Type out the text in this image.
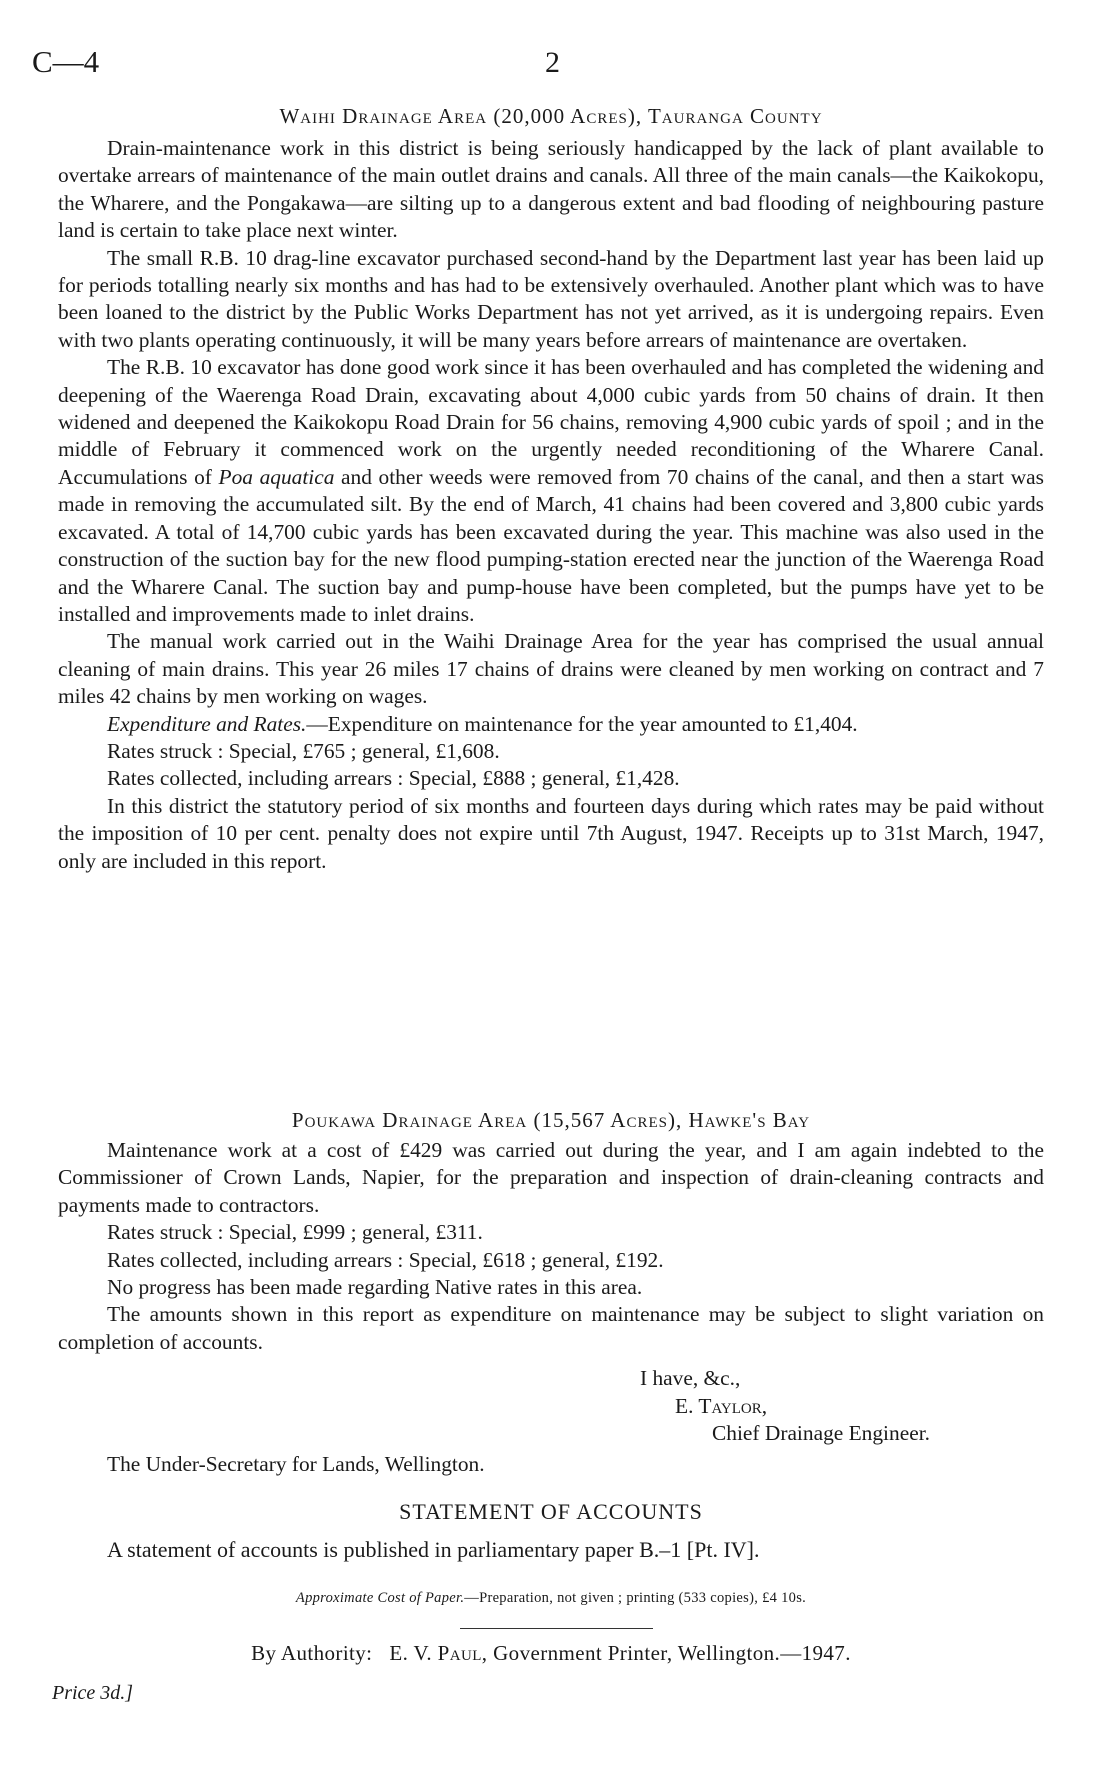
C—4	2
Waihi Drainage Area (20,000 Acres), Tauranga County

Drain-maintenance work in this district is being seriously handicapped by the lack of plant available to overtake arrears of maintenance of the main outlet drains and canals. All three of the main canals—the Kaikokopu, the Wharere, and the Pongakawa—are silting up to a dangerous extent and bad flooding of neighbouring pasture land is certain to take place next winter.

The small R.B. 10 drag-line excavator purchased second-hand by the Department last year has been laid up for periods totalling nearly six months and has had to be extensively overhauled. Another plant which was to have been loaned to the district by the Public Works Department has not yet arrived, as it is undergoing repairs. Even with two plants operating continuously, it will be many years before arrears of maintenance are overtaken.

The R.B. 10 excavator has done good work since it has been overhauled and has completed the widening and deepening of the Waerenga Road Drain, excavating about 4,000 cubic yards from 50 chains of drain. It then widened and deepened the Kaikokopu Road Drain for 56 chains, removing 4,900 cubic yards of spoil ; and in the middle of February it commenced work on the urgently needed reconditioning of the Wharere Canal. Accumulations of Poa aquatica and other weeds were removed from 70 chains of the canal, and then a start was made in removing the accumulated silt. By the end of March, 41 chains had been covered and 3,800 cubic yards excavated. A total of 14,700 cubic yards has been excavated during the year. This machine was also used in the construction of the suction bay for the new flood pumping-station erected near the junction of the Waerenga Road and the Wharere Canal. The suction bay and pump-house have been completed, but the pumps have yet to be installed and improvements made to inlet drains.

The manual work carried out in the Waihi Drainage Area for the year has comprised the usual annual cleaning of main drains. This year 26 miles 17 chains of drains were cleaned by men working on contract and 7 miles 42 chains by men working on wages.

Expenditure and Rates.—Expenditure on maintenance for the year amounted to £1,404.

Rates struck : Special, £765 ; general, £1,608.

Rates collected, including arrears : Special, £888 ; general, £1,428.

In this district the statutory period of six months and fourteen days during which rates may be paid without the imposition of 10 per cent. penalty does not expire until 7th August, 1947. Receipts up to 31st March, 1947, only are included in this report.

Poukawa Drainage Area (15,567 Acres), Hawke's Bay

Maintenance work at a cost of £429 was carried out during the year, and I am again indebted to the Commissioner of Crown Lands, Napier, for the preparation and inspection of drain-cleaning contracts and payments made to contractors.

Rates struck : Special, £999 ; general, £311.

Rates collected, including arrears : Special, £618 ; general, £192.

No progress has been made regarding Native rates in this area.

The amounts shown in this report as expenditure on maintenance may be subject to slight variation on completion of accounts.

I have, &c.,
E. Taylor,
Chief Drainage Engineer.
The Under-Secretary for Lands, Wellington.
STATEMENT OF ACCOUNTS
A statement of accounts is published in parliamentary paper B.–1 [Pt. IV].
Approximate Cost of Paper.—Preparation, not given ; printing (533 copies), £4 10s.
By Authority: E. V. Paul, Government Printer, Wellington.—1947.
Price 3d.]
